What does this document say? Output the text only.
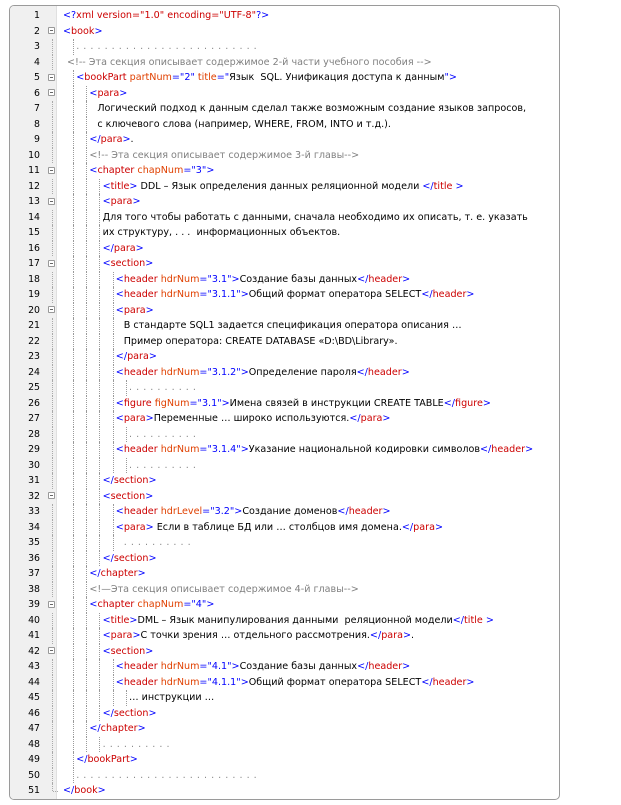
1 <?xml version="1.0" encoding="UTF-8"?>
2 <book>
3	. . . . . . . . . . . . . . . . . . . . . . . . . .
4	<!-- Эта секция описывает содержимое 2-й части учебного пособия -->
5	<bookPart partNum="2" title="Язык  SQL. Унификация доступа к данным">
6	<para>
7	Логический подход к данным сделал также возможным создание языков запросов,
8	с ключевого слова (например, WHERE, FROM, INTO и т.д.).
9	</para>.
10	<!-- Эта секция описывает содержимое 3-й главы-->
11	<chapter chapNum="3">
12	<title> DDL – Язык определения данных реляционной модели </title >
13	<para>
14	Для того чтобы работать с данными, сначала необходимо их описать, т. е. указать
15	их структуру, . . .  информационных объектов.
16	</para>
17	<section>
18	<header hdrNum="3.1">Создание базы данных</header>
19	<header hdrNum="3.1.1">Общий формат оператора SELECT</header>
20	<para>
21	В стандарте SQL1 задается спецификация оператора описания …
22	Пример оператора: CREATE DATABASE «D:\BD\Library».
23	</para>
24	<header hdrNum="3.1.2">Определение пароля</header>
25	. . . . . . . . . .
26	<figure figNum="3.1">Имена связей в инструкции CREATE TABLE</figure>
27	<para>Переменные … широко используются.</para>
28	. . . . . . . . . .
29	<header hdrNum="3.1.4">Указание национальной кодировки символов</header>
30	. . . . . . . . . .
31	</section>
32	<section>
33	<header hdrLevel="3.2">Создание доменов</header>
34	<para> Если в таблице БД или … столбцов имя домена.</para>
35	. . . . . . . . . .
36	</section>
37	</chapter>
38	<!—Эта секция описывает содержимое 4-й главы-->
39	<chapter chapNum="4">
40	<title>DML – Язык манипулирования данными  реляционной модели</title >
41	<para>С точки зрения … отдельного рассмотрения.</para>.
42	<section>
43	<header hdrNum="4.1">Создание базы данных</header>
44	<header hdrNum="4.1.1">Общий формат оператора SELECT</header>
45	… инструкции …
46	</section>
47	</chapter>
48	. . . . . . . . . .
49	</bookPart>
50	. . . . . . . . . . . . . . . . . . . . . . . . . .
51 </book>
